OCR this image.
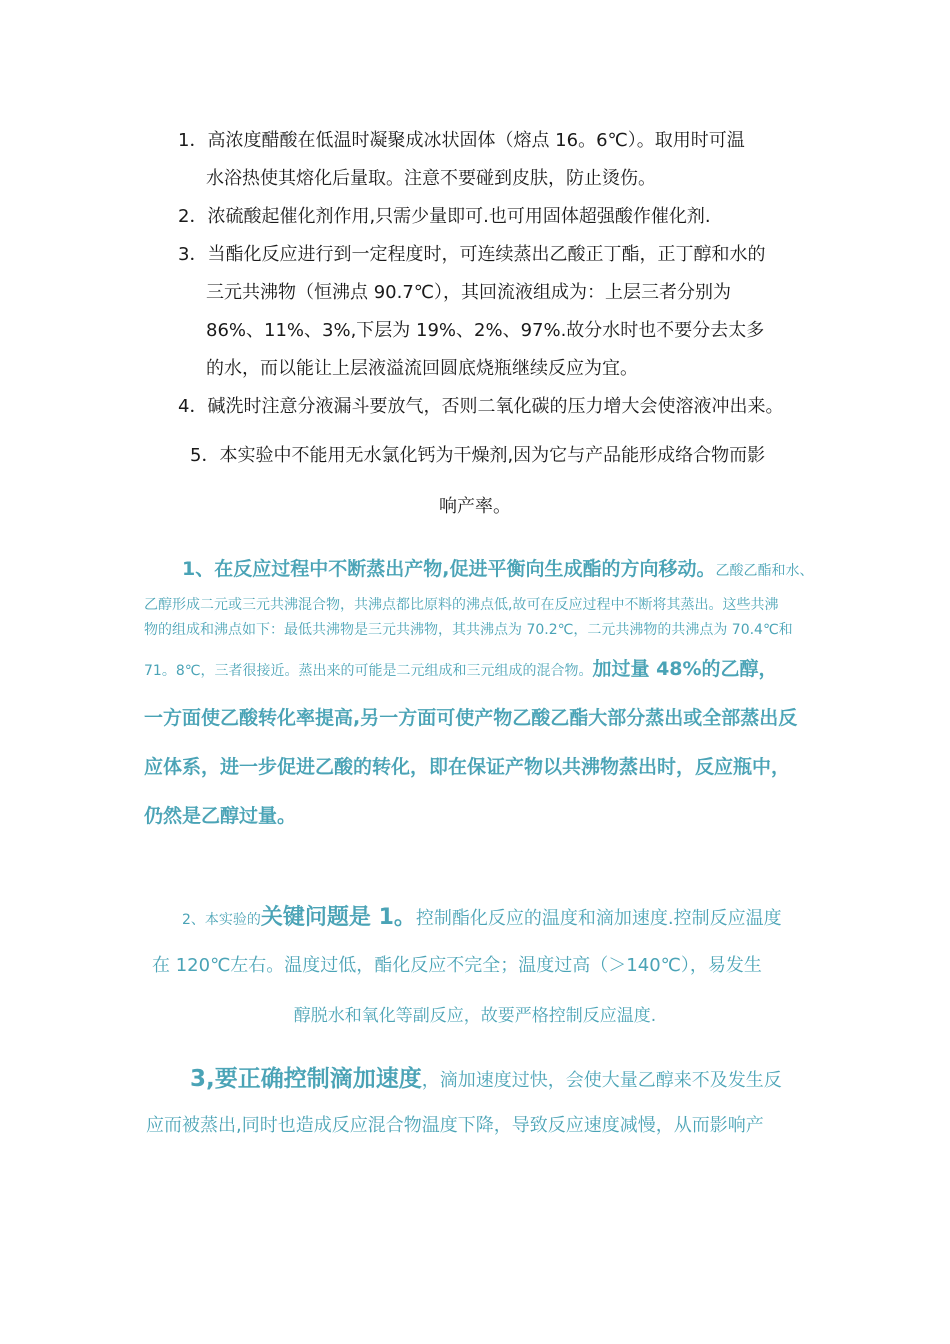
1．高浓度醋酸在低温时凝聚成冰状固体（熔点 16。6℃）。取用时可温

水浴热使其熔化后量取。注意不要碰到皮肤，防止烫伤。

2．浓硫酸起催化剂作用,只需少量即可.也可用固体超强酸作催化剂.

3．当酯化反应进行到一定程度时，可连续蒸出乙酸正丁酯，正丁醇和水的

三元共沸物（恒沸点 90.7℃），其回流液组成为：上层三者分别为

86%、11%、3%,下层为 19%、2%、97%.故分水时也不要分去太多

的水，而以能让上层液溢流回圆底烧瓶继续反应为宜。

4．碱洗时注意分液漏斗要放气，否则二氧化碳的压力增大会使溶液冲出来。

5．本实验中不能用无水氯化钙为干燥剂,因为它与产品能形成络合物而影

响产率。

1、在反应过程中不断蒸出产物,促进平衡向生成酯的方向移动。乙酸乙酯和水、

乙醇形成二元或三元共沸混合物，共沸点都比原料的沸点低,故可在反应过程中不断将其蒸出。这些共沸

物的组成和沸点如下：最低共沸物是三元共沸物，其共沸点为 70.2℃，二元共沸物的共沸点为 70.4℃和

71。8℃，三者很接近。蒸出来的可能是二元组成和三元组成的混合物。加过量 48%的乙醇，

一方面使乙酸转化率提高,另一方面可使产物乙酸乙酯大部分蒸出或全部蒸出反

应体系，进一步促进乙酸的转化，即在保证产物以共沸物蒸出时，反应瓶中，

仍然是乙醇过量。

2、本实验的关键问题是 1。控制酯化反应的温度和滴加速度.控制反应温度

在 120℃左右。温度过低，酯化反应不完全；温度过高（＞140℃），易发生

醇脱水和氧化等副反应，故要严格控制反应温度.

3,要正确控制滴加速度，滴加速度过快，会使大量乙醇来不及发生反

应而被蒸出,同时也造成反应混合物温度下降，导致反应速度减慢，从而影响产
